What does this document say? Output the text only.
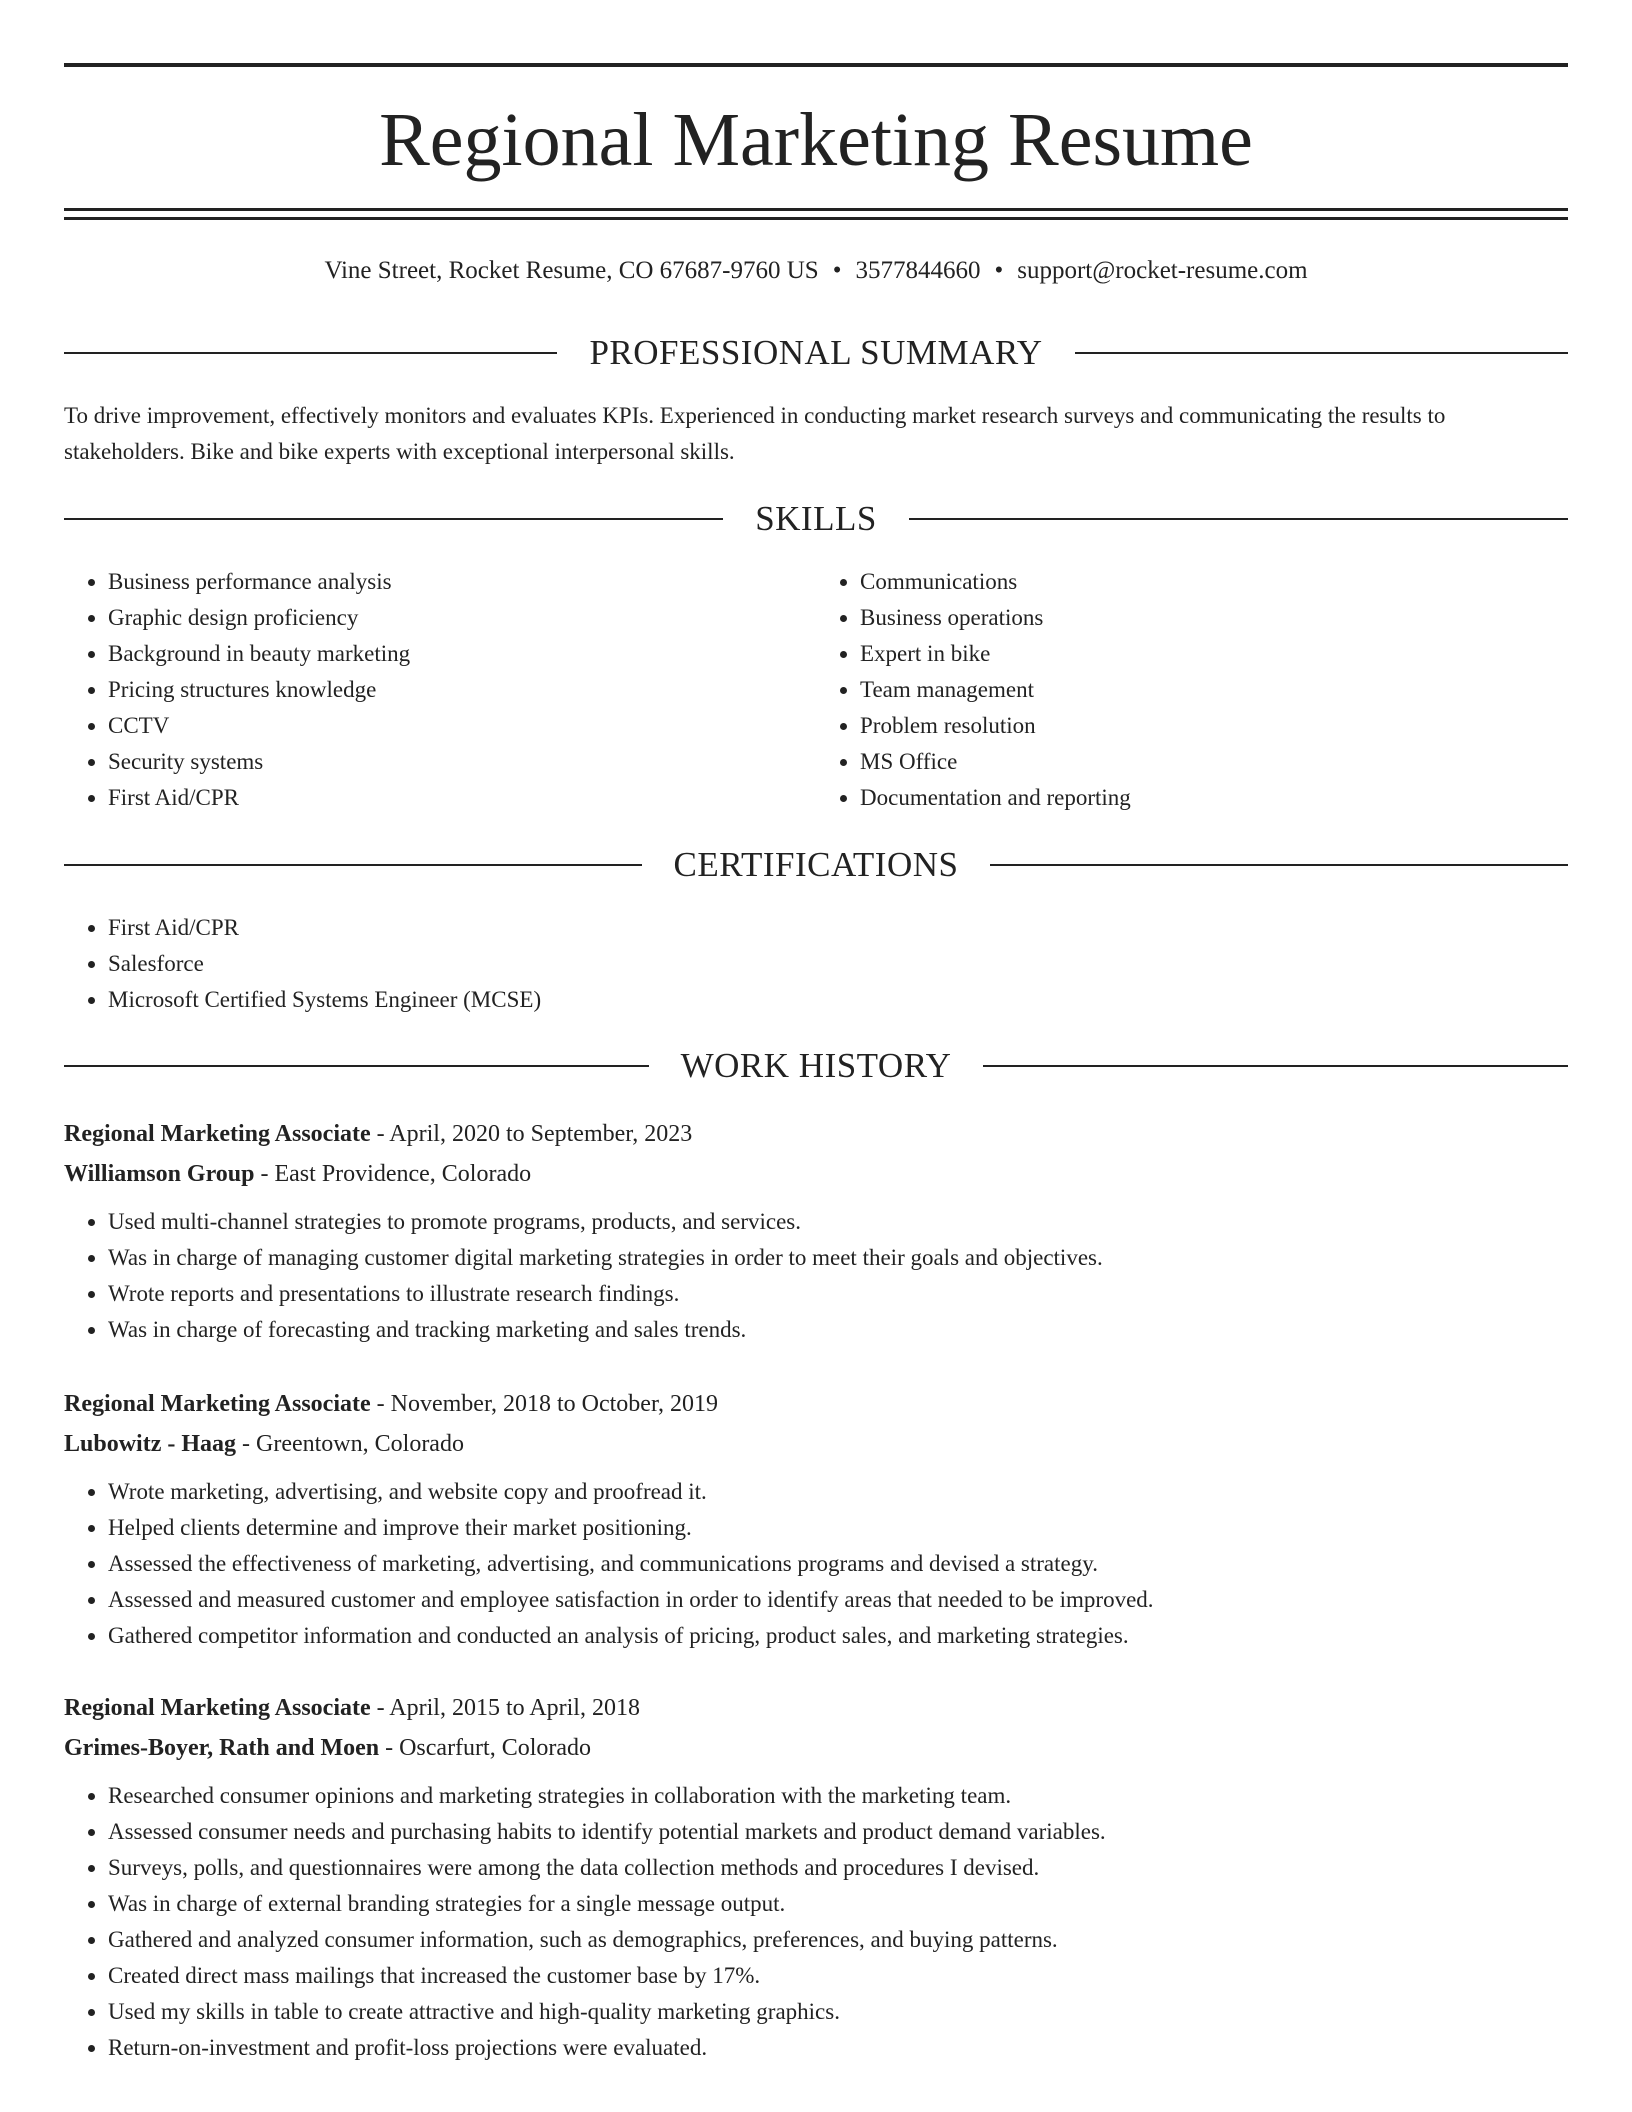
Regional Marketing Resume
Vine Street, Rocket Resume, CO 67687-9760 US • 3577844660 • support@rocket-resume.com
PROFESSIONAL SUMMARY

To drive improvement, effectively monitors and evaluates KPIs. Experienced in conducting market research surveys and communicating the results to stakeholders. Bike and bike experts with exceptional interpersonal skills.

SKILLS
• Business performance analysis
• Graphic design proficiency
• Background in beauty marketing
• Pricing structures knowledge
• CCTV
• Security systems
• First Aid/CPR
• Communications
• Business operations
• Expert in bike
• Team management
• Problem resolution
• MS Office
• Documentation and reporting
CERTIFICATIONS
• First Aid/CPR
• Salesforce
• Microsoft Certified Systems Engineer (MCSE)
WORK HISTORY
Regional Marketing Associate - April, 2020 to September, 2023
Williamson Group - East Providence, Colorado
• Used multi-channel strategies to promote programs, products, and services.
• Was in charge of managing customer digital marketing strategies in order to meet their goals and objectives.
• Wrote reports and presentations to illustrate research findings.
• Was in charge of forecasting and tracking marketing and sales trends.
Regional Marketing Associate - November, 2018 to October, 2019
Lubowitz - Haag - Greentown, Colorado
• Wrote marketing, advertising, and website copy and proofread it.
• Helped clients determine and improve their market positioning.
• Assessed the effectiveness of marketing, advertising, and communications programs and devised a strategy.
• Assessed and measured customer and employee satisfaction in order to identify areas that needed to be improved.
• Gathered competitor information and conducted an analysis of pricing, product sales, and marketing strategies.
Regional Marketing Associate - April, 2015 to April, 2018
Grimes-Boyer, Rath and Moen - Oscarfurt, Colorado
• Researched consumer opinions and marketing strategies in collaboration with the marketing team.
• Assessed consumer needs and purchasing habits to identify potential markets and product demand variables.
• Surveys, polls, and questionnaires were among the data collection methods and procedures I devised.
• Was in charge of external branding strategies for a single message output.
• Gathered and analyzed consumer information, such as demographics, preferences, and buying patterns.
• Created direct mass mailings that increased the customer base by 17%.
• Used my skills in table to create attractive and high-quality marketing graphics.
• Return-on-investment and profit-loss projections were evaluated.
